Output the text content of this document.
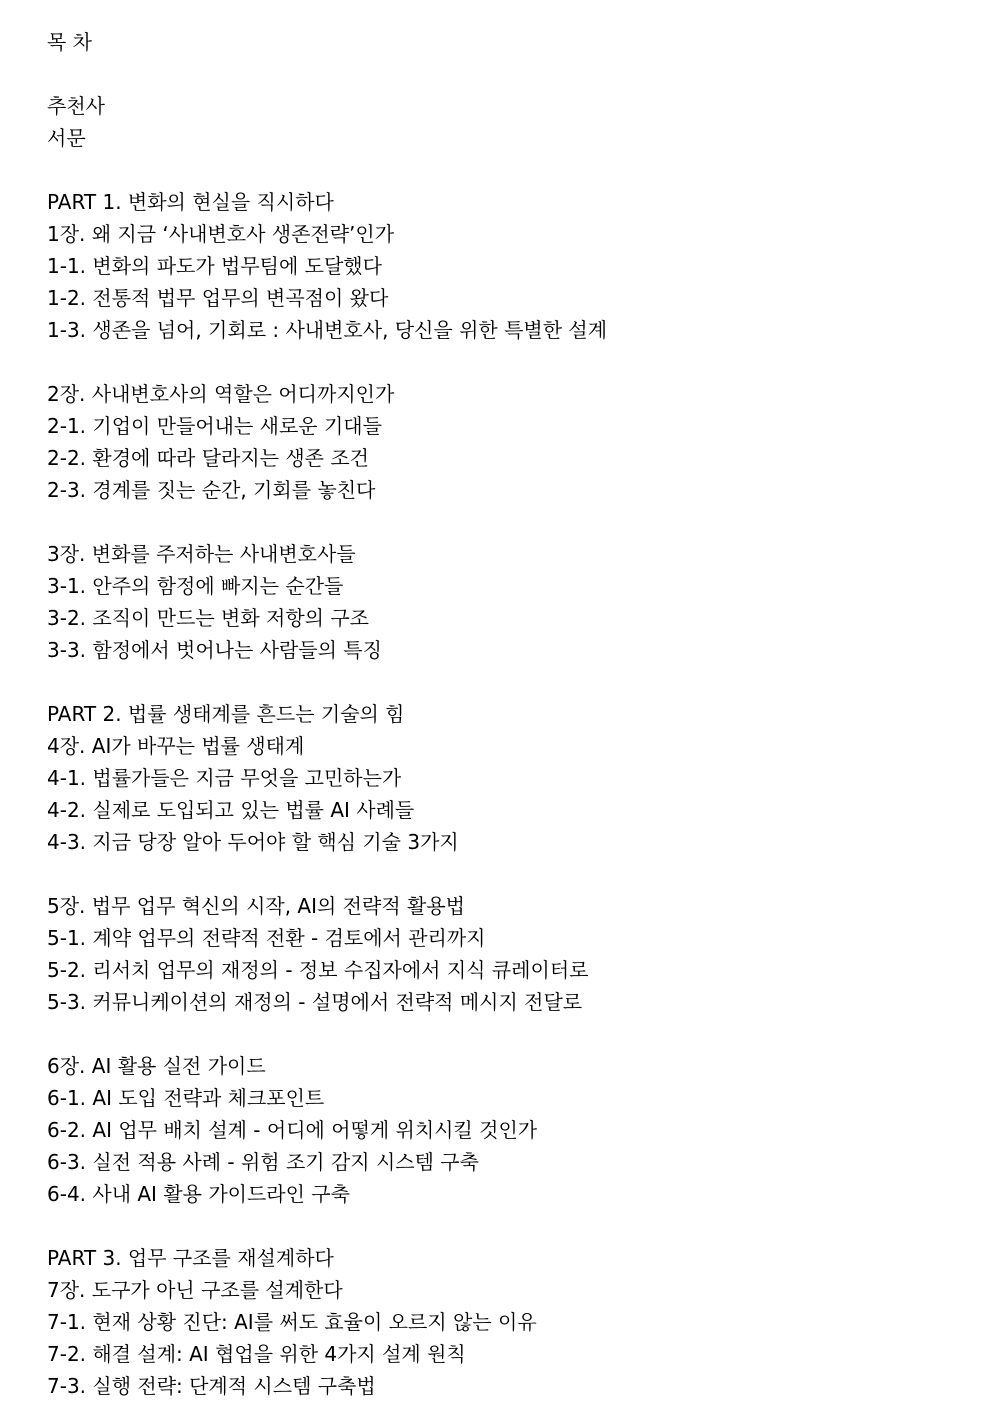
목 차
추천사
서문
PART 1. 변화의 현실을 직시하다
1장. 왜 지금 ‘사내변호사 생존전략’인가
1-1. 변화의 파도가 법무팀에 도달했다
1-2. 전통적 법무 업무의 변곡점이 왔다
1-3. 생존을 넘어, 기회로 : 사내변호사, 당신을 위한 특별한 설계
2장. 사내변호사의 역할은 어디까지인가
2-1. 기업이 만들어내는 새로운 기대들
2-2. 환경에 따라 달라지는 생존 조건
2-3. 경계를 짓는 순간, 기회를 놓친다
3장. 변화를 주저하는 사내변호사들
3-1. 안주의 함정에 빠지는 순간들
3-2. 조직이 만드는 변화 저항의 구조
3-3. 함정에서 벗어나는 사람들의 특징
PART 2. 법률 생태계를 흔드는 기술의 힘
4장. AI가 바꾸는 법률 생태계
4-1. 법률가들은 지금 무엇을 고민하는가
4-2. 실제로 도입되고 있는 법률 AI 사례들
4-3. 지금 당장 알아 두어야 할 핵심 기술 3가지
5장. 법무 업무 혁신의 시작, AI의 전략적 활용법
5-1. 계약 업무의 전략적 전환 - 검토에서 관리까지
5-2. 리서치 업무의 재정의 - 정보 수집자에서 지식 큐레이터로
5-3. 커뮤니케이션의 재정의 - 설명에서 전략적 메시지 전달로
6장. AI 활용 실전 가이드
6-1. AI 도입 전략과 체크포인트
6-2. AI 업무 배치 설계 - 어디에 어떻게 위치시킬 것인가
6-3. 실전 적용 사례 - 위험 조기 감지 시스템 구축
6-4. 사내 AI 활용 가이드라인 구축
PART 3. 업무 구조를 재설계하다
7장. 도구가 아닌 구조를 설계한다
7-1. 현재 상황 진단: AI를 써도 효율이 오르지 않는 이유
7-2. 해결 설계: AI 협업을 위한 4가지 설계 원칙
7-3. 실행 전략: 단계적 시스템 구축법
